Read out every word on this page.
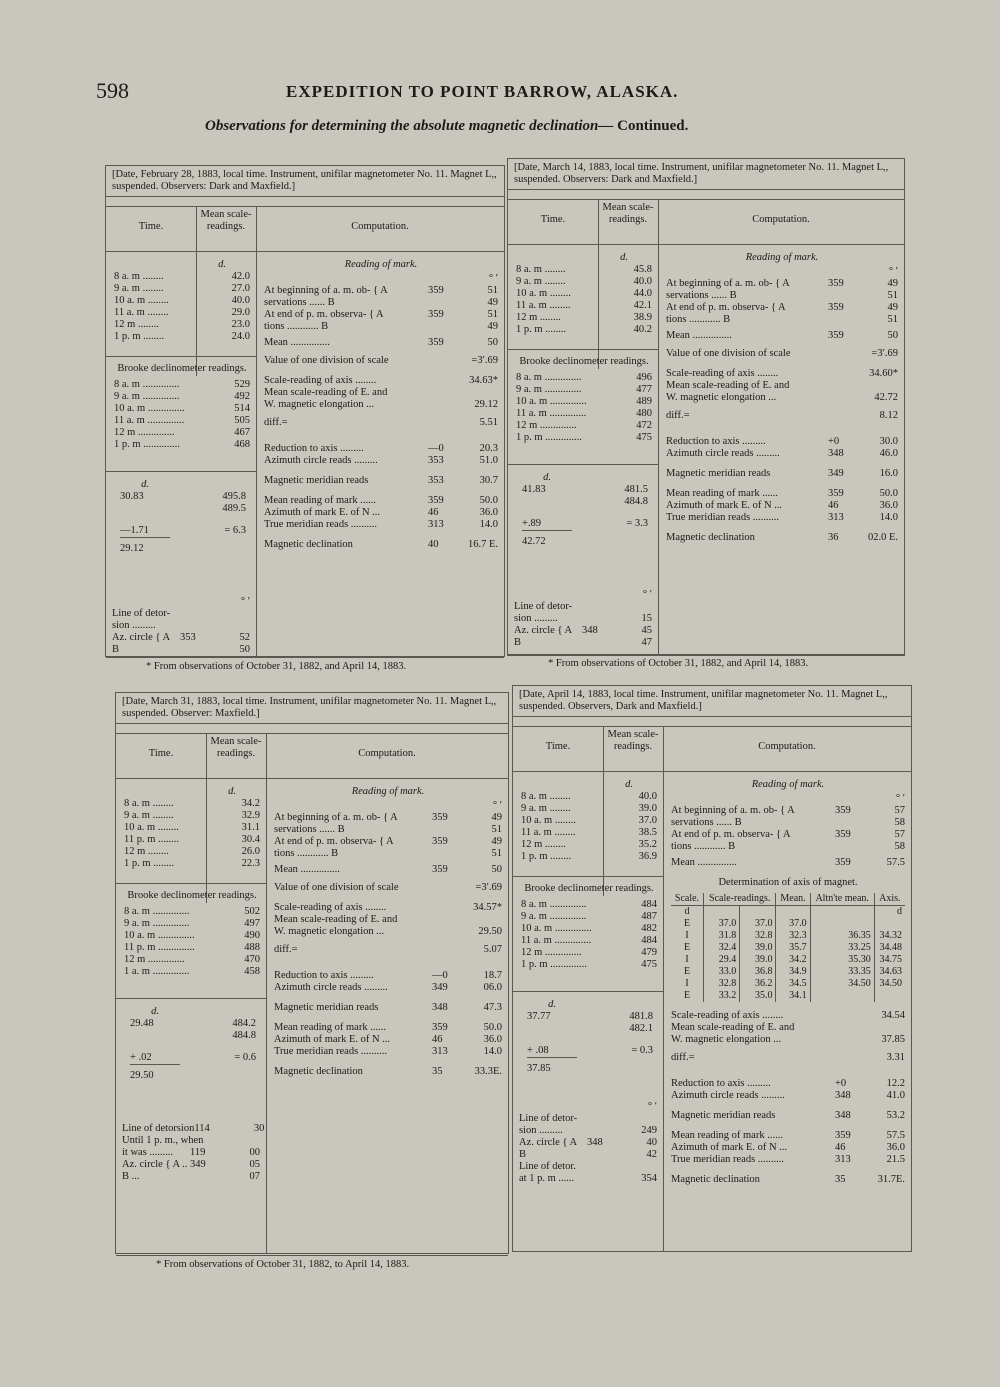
598	EXPEDITION TO POINT BARROW, ALASKA.
Observations for determining the absolute magnetic declination— Continued.
[Date, February 28, 1883, local time. Instrument, unifilar magnetometer No. 11. Magnet L,, suspended. Observers: Dark and Maxfield.]
Time.
Mean scale-readings.	Computation.
d.
8 a. m ........	42.0
9 a. m ........	27.0
10 a. m ........	40.0
11 a. m ........	29.0
12 m ........	23.0
1 p. m ........	24.0
Brooke declinometer readings.
8 a. m ..............	529
9 a. m ..............	492
10 a. m ..............	514
11 a. m ..............	505
12 m ..............	467
1 p. m ..............	468
d.
30.83	495.8
489.5
—1.71	= 6.3
29.12
° ′
Line of detor-
sion .........
Az. circle { A 353	52
B	50
Reading of mark.
° ′
At beginning of a. m. ob- { A	359	51
servations ...... B	49
At end of p. m. observa- { A	359	51
tions ............ B	49
Mean ...............	359	50
Value of one division of scale	=3′.69
Scale-reading of axis ........	34.63*
Mean scale-reading of E. and
W. magnetic elongation ...	29.12
diff.=	5.51
Reduction to axis .........	—0	20.3
Azimuth circle reads .........	353	51.0
Magnetic meridian reads	353	30.7
Mean reading of mark ......	359	50.0
Azimuth of mark E. of N ...	46	36.0
True meridian reads ..........	313	14.0
Magnetic declination	40	16.7 E.
* From observations of October 31, 1882, and April 14, 1883.
[Date, March 14, 1883, local time. Instrument, unifilar magnetometer No. 11. Magnet L,, suspended. Observers: Dark and Maxfield.]
Time.
Mean scale-readings.	Computation.
d.
8 a. m ........	45.8
9 a. m ........	40.0
10 a. m ........	44.0
11 a. m ........	42.1
12 m ........	38.9
1 p. m ........	40.2
Brooke declinometer readings.
8 a. m ..............	496
9 a. m ..............	477
10 a. m ..............	489
11 a. m ..............	480
12 m ..............	472
1 p. m ..............	475
d.
41.83	481.5
484.8
+.89	= 3.3
42.72
° ′
Line of detor-
sion .........	15
Az. circle { A 348	45
B	47
Reading of mark.
° ′
At beginning of a. m. ob- { A	359	49
servations ...... B	51
At end of p. m. observa- { A	359	49
tions ............ B	51
Mean ...............	359	50
Value of one division of scale	=3′.69
Scale-reading of axis ........	34.60*
Mean scale-reading of E. and
W. magnetic elongation ...	42.72
diff.=	8.12
Reduction to axis .........	+0	30.0
Azimuth circle reads .........	348	46.0
Magnetic meridian reads	349	16.0
Mean reading of mark ......	359	50.0
Azimuth of mark E. of N ...	46	36.0
True meridian reads ..........	313	14.0
Magnetic declination	36	02.0 E.
* From observations of October 31, 1882, and April 14, 1883.
[Date, March 31, 1883, local time. Instrument, unifilar magnetometer No. 11. Magnet L,, suspended. Observer: Maxfield.]
Time.
Mean scale-readings.	Computation.
d.
8 a. m ........	34.2
9 a. m ........	32.9
10 a. m ........	31.1
11 p. m ........	30.4
12 m ........	26.0
1 p. m ........	22.3
Brooke declinometer readings.
8 a. m ..............	502
9 a. m ..............	497
10 a. m ..............	490
11 p. m ..............	488
12 m ..............	470
1 a. m ..............	458
d.
29.48	484.2
484.8
+ .02	= 0.6
29.50
Line of detorsion 114	30
Until 1 p. m., when
it was .........	119	00
Az. circle { A .. 349	05
B ...	07
Reading of mark.
° ′
At beginning of a. m. ob- { A	359	49
servations ...... B	51
At end of p. m. observa- { A	359	49
tions ............ B	51
Mean ...............	359	50
Value of one division of scale	=3′.69
Scale-reading of axis ........	34.57*
Mean scale-reading of E. and
W. magnetic elongation ...	29.50
diff.=	5.07
Reduction to axis .........	—0	18.7
Azimuth circle reads .........	349	06.0
Magnetic meridian reads	348	47.3
Mean reading of mark ......	359	50.0
Azimuth of mark E. of N ...	46	36.0
True meridian reads ..........	313	14.0
Magnetic declination	35	33.3E.
* From observations of October 31, 1882, to April 14, 1883.
[Date, April 14, 1883, local time. Instrument, unifilar magnetometer No. 11. Magnet L,, suspended. Observers, Dark and Maxfield.]
Time.
Mean scale-readings.	Computation.
d.
8 a. m ........	40.0
9 a. m ........	39.0
10 a. m ........	37.0
11 a. m ........	38.5
12 m ........	35.2
1 p. m ........	36.9
Brooke declinometer readings.
8 a. m ..............	484
9 a. m ..............	487
10 a. m ..............	482
11 a. m ..............	484
12 m ..............	479
1 p. m ..............	475
d.
37.77	481.8
482.1
+ .08	= 0.3
37.85
° ′
Line of detor-
sion .........	249
Az. circle { A 348	40
B	42
Line of detor.
at 1 p. m ......	354
Reading of mark.
° ′
At beginning of a. m. ob- { A	359	57
servations ...... B	58
At end of p. m. observa- { A	359	57
tions ............ B	58
Mean ...............	359	57.5
Determination of axis of magnet.
Scale.	Scale-readings.		Mean.	Altn'te mean.	Axis.
d					d
E	37.0	37.0	37.0		
I	31.8	32.8	32.3	36.35	34.32
E	32.4	39.0	35.7	33.25	34.48
I	29.4	39.0	34.2	35.30	34.75
E	33.0	36.8	34.9	33.35	34.63
I	32.8	36.2	34.5	34.50	34.50
E	33.2	35.0	34.1		
Scale-reading of axis ........	34.54
Mean scale-reading of E. and
W. magnetic elongation ...	37.85
diff.=	3.31
Reduction to axis .........	+0	12.2
Azimuth circle reads .........	348	41.0
Magnetic meridian reads	348	53.2
Mean reading of mark ......	359	57.5
Azimuth of mark E. of N ...	46	36.0
True meridian reads ..........	313	21.5
Magnetic declination	35	31.7E.
